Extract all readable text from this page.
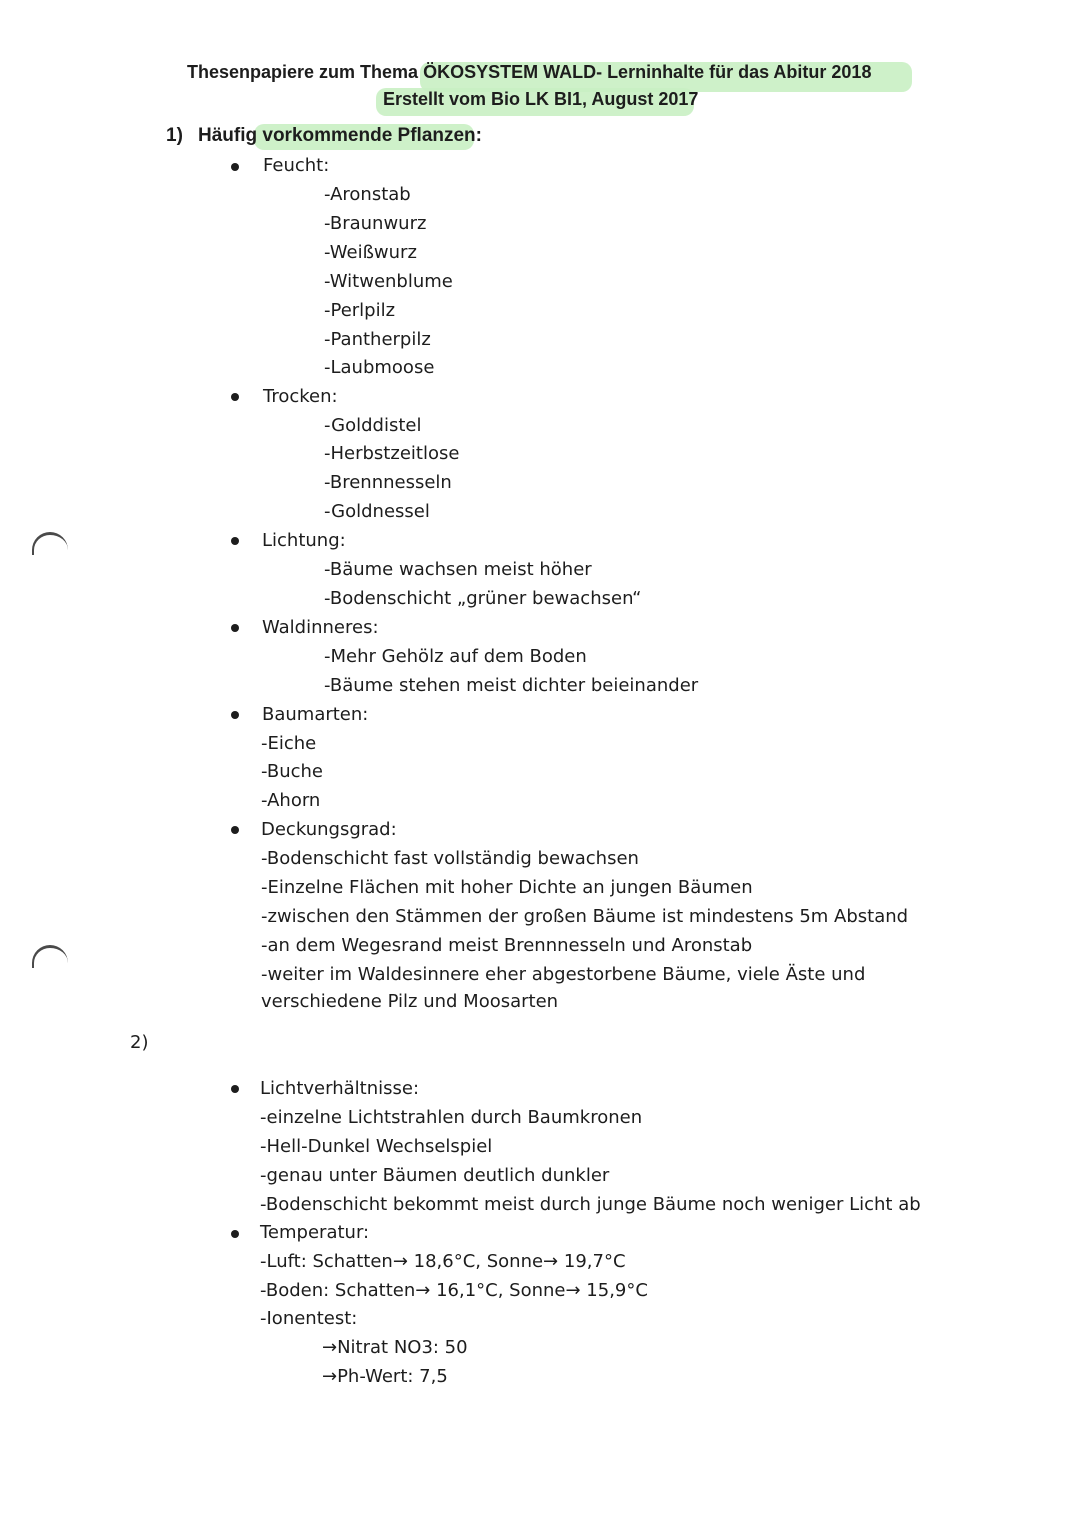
Thesenpapiere zum Thema ÖKOSYSTEM WALD- Lerninhalte für das Abitur 2018
Erstellt vom Bio LK BI1, August 2017
1) Häufig vorkommende Pflanzen:
Feucht:
-Aronstab
-Braunwurz
-Weißwurz
-Witwenblume
-Perlpilz
-Pantherpilz
-Laubmoose
Trocken:
-Golddistel
-Herbstzeitlose
-Brennnesseln
-Goldnessel
Lichtung:
-Bäume wachsen meist höher
-Bodenschicht „grüner bewachsen“
Waldinneres:
-Mehr Gehölz auf dem Boden
-Bäume stehen meist dichter beieinander
Baumarten:
-Eiche
-Buche
-Ahorn
Deckungsgrad:
-Bodenschicht fast vollständig bewachsen
-Einzelne Flächen mit hoher Dichte an jungen Bäumen
-zwischen den Stämmen der großen Bäume ist mindestens 5m Abstand
-an dem Wegesrand meist Brennnesseln und Aronstab
-weiter im Waldesinnere eher abgestorbene Bäume, viele Äste und
verschiedene Pilz und Moosarten
2)
Lichtverhältnisse:
-einzelne Lichtstrahlen durch Baumkronen
-Hell-Dunkel Wechselspiel
-genau unter Bäumen deutlich dunkler
-Bodenschicht bekommt meist durch junge Bäume noch weniger Licht ab
Temperatur:
-Luft: Schatten→ 18,6°C, Sonne→ 19,7°C
-Boden: Schatten→ 16,1°C, Sonne→ 15,9°C
-Ionentest:
→Nitrat NO3: 50
→Ph-Wert: 7,5
